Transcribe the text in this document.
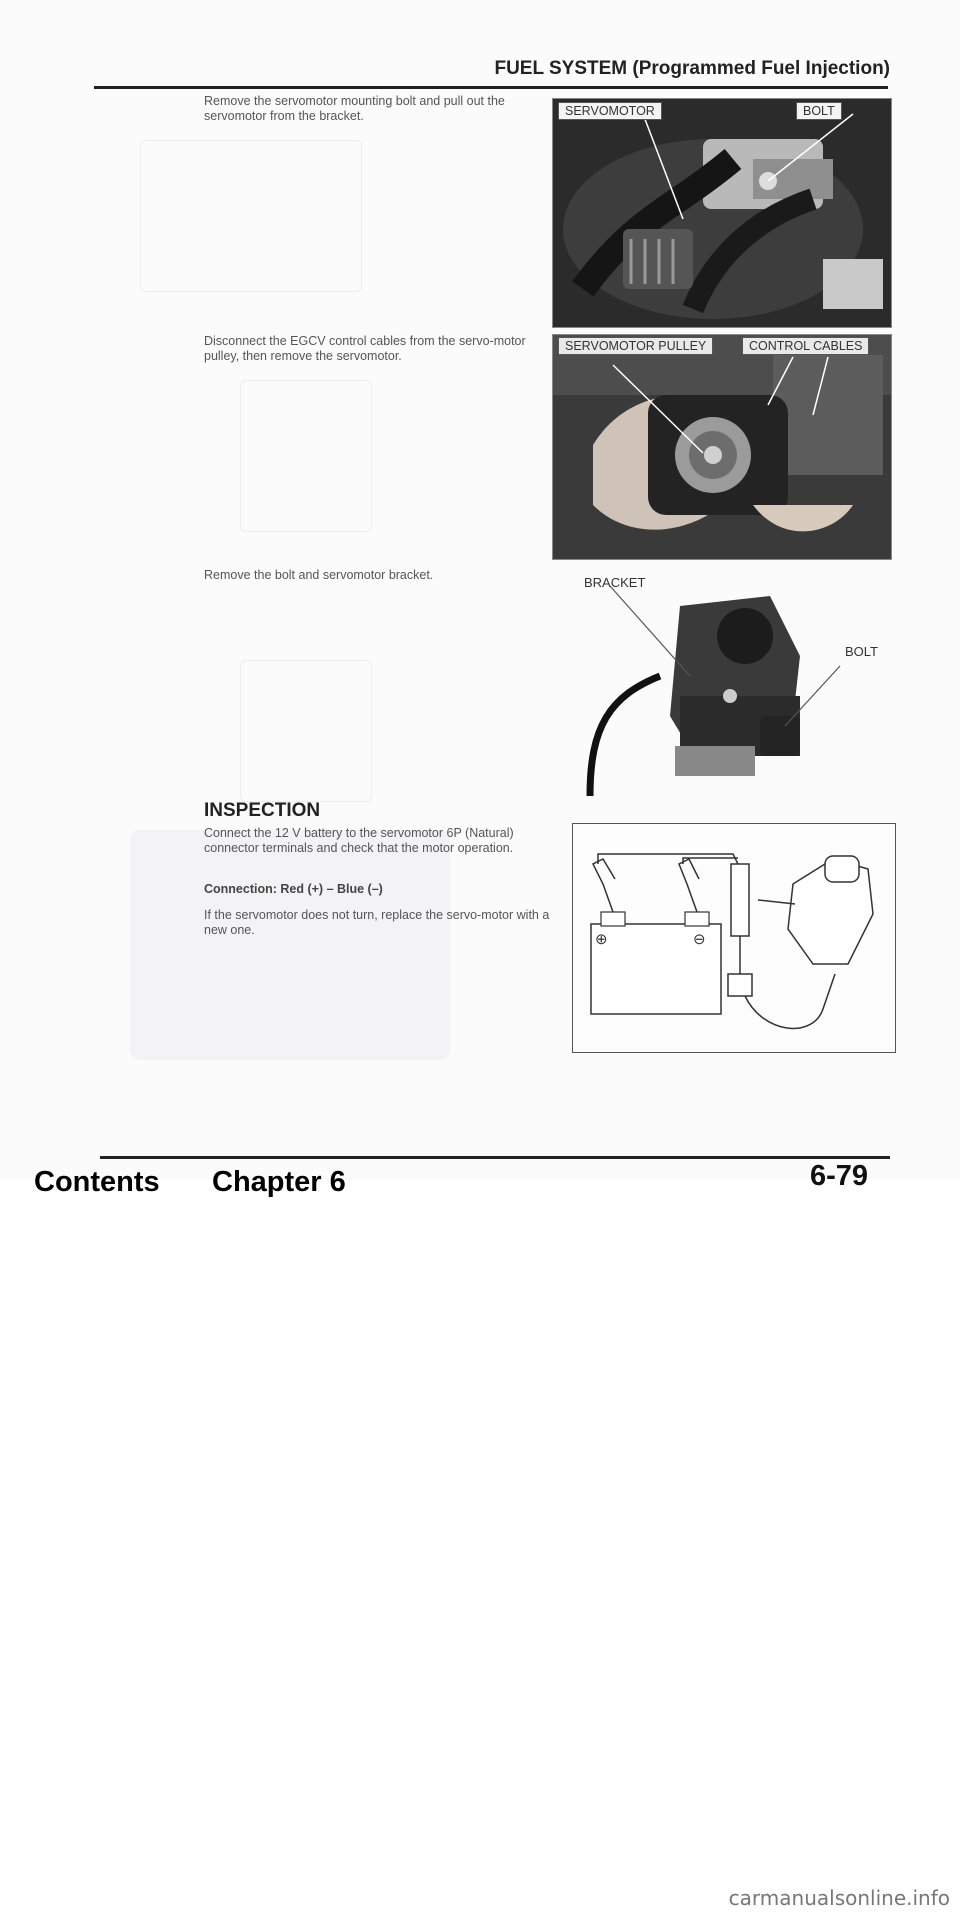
FUEL SYSTEM (Programmed Fuel Injection)
Remove the servomotor mounting bolt and pull out the servomotor from the bracket.	SERVOMOTOR	BOLT
Disconnect the EGCV control cables from the servo-motor pulley, then remove the servomotor.
SERVOMOTOR PULLEY	CONTROL CABLES
Remove the bolt and servomotor bracket.	BRACKET
BOLT
INSPECTION
Connect the 12 V battery to the servomotor 6P (Natural) connector terminals and check that the motor operation.
Connection: Red (+) – Blue (–)
If the servomotor does not turn, replace the servo-motor with a new one.
⊕	⊖
Contents Chapter 6	6-79
carmanualsonline.info
